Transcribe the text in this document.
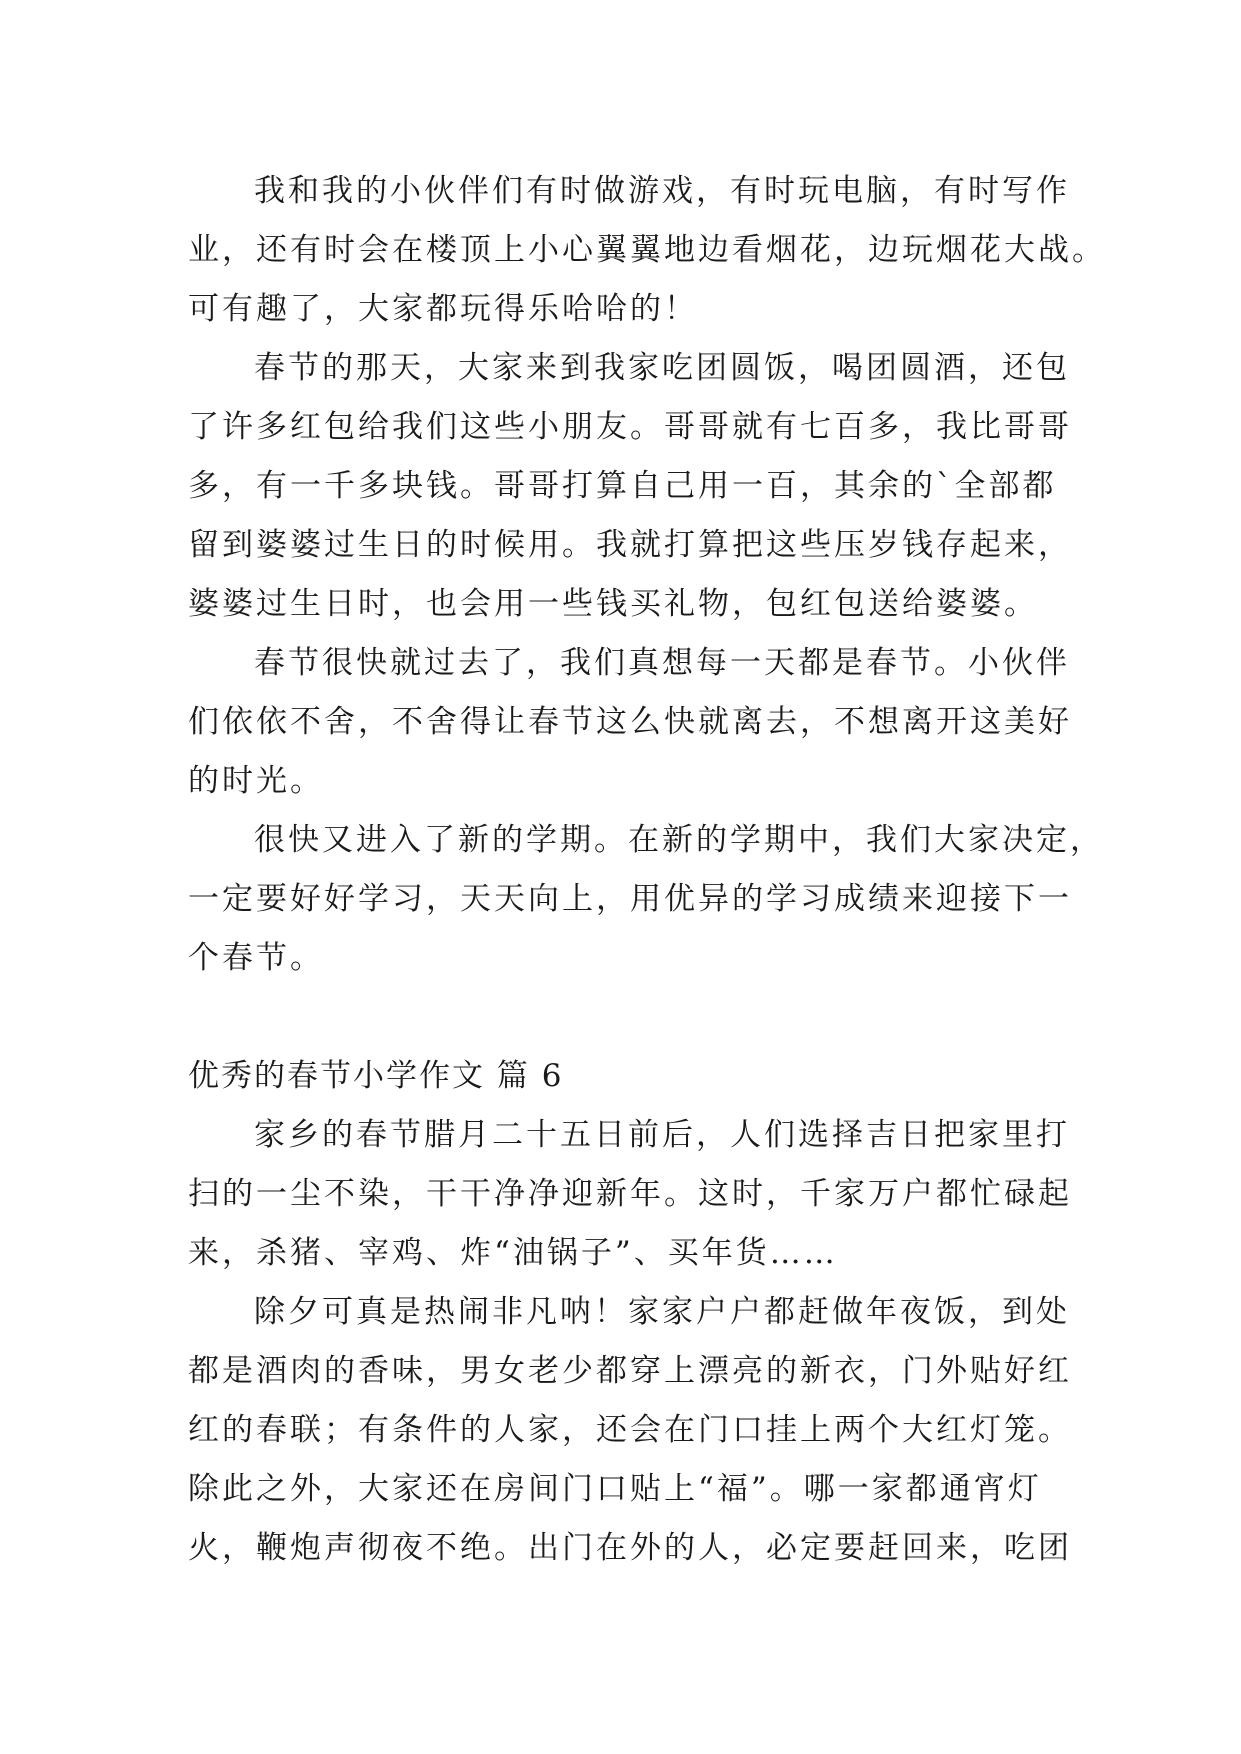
我和我的小伙伴们有时做游戏，有时玩电脑，有时写作
业，还有时会在楼顶上小心翼翼地边看烟花，边玩烟花大战。
可有趣了，大家都玩得乐哈哈的！
春节的那天，大家来到我家吃团圆饭，喝团圆酒，还包
了许多红包给我们这些小朋友。哥哥就有七百多，我比哥哥
多，有一千多块钱。哥哥打算自己用一百，其余的`全部都
留到婆婆过生日的时候用。我就打算把这些压岁钱存起来，
婆婆过生日时，也会用一些钱买礼物，包红包送给婆婆。
春节很快就过去了，我们真想每一天都是春节。小伙伴
们依依不舍，不舍得让春节这么快就离去，不想离开这美好
的时光。
很快又进入了新的学期。在新的学期中，我们大家决定，
一定要好好学习，天天向上，用优异的学习成绩来迎接下一
个春节。
优秀的春节小学作文 篇 6
家乡的春节腊月二十五日前后，人们选择吉日把家里打
扫的一尘不染，干干净净迎新年。这时，千家万户都忙碌起
来，杀猪、宰鸡、炸“油锅子”、买年货……
除夕可真是热闹非凡呐！家家户户都赶做年夜饭，到处
都是酒肉的香味，男女老少都穿上漂亮的新衣，门外贴好红
红的春联；有条件的人家，还会在门口挂上两个大红灯笼。
除此之外，大家还在房间门口贴上“福”。哪一家都通宵灯
火，鞭炮声彻夜不绝。出门在外的人，必定要赶回来，吃团
